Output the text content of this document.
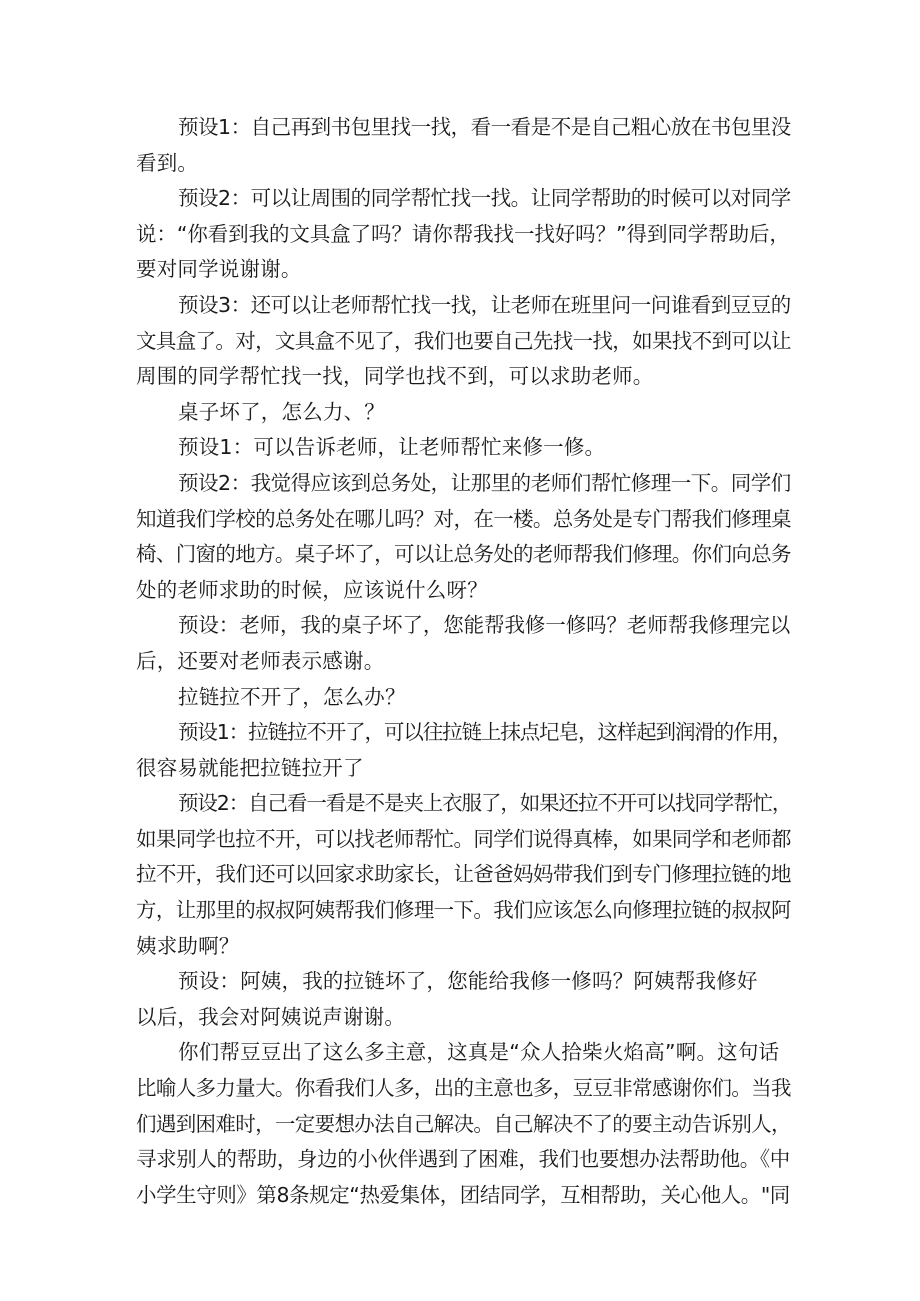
预设1：自己再到书包里找一找，看一看是不是自己粗心放在书包里没
看到。
预设2：可以让周围的同学帮忙找一找。让同学帮助的时候可以对同学
说：“你看到我的文具盒了吗？请你帮我找一找好吗？”得到同学帮助后，
要对同学说谢谢。
预设3：还可以让老师帮忙找一找，让老师在班里问一问谁看到豆豆的
文具盒了。对，文具盒不见了，我们也要自己先找一找，如果找不到可以让
周围的同学帮忙找一找，同学也找不到，可以求助老师。
桌子坏了，怎么力、？
预设1：可以告诉老师，让老师帮忙来修一修。
预设2：我觉得应该到总务处，让那里的老师们帮忙修理一下。同学们
知道我们学校的总务处在哪儿吗？对，在一楼。总务处是专门帮我们修理桌
椅、门窗的地方。桌子坏了，可以让总务处的老师帮我们修理。你们向总务
处的老师求助的时候，应该说什么呀？
预设：老师，我的桌子坏了，您能帮我修一修吗？老师帮我修理完以
后，还要对老师表示感谢。
拉链拉不开了，怎么办？
预设1：拉链拉不开了，可以往拉链上抹点圮皂，这样起到润滑的作用，
很容易就能把拉链拉开了
预设2：自己看一看是不是夹上衣服了，如果还拉不开可以找同学帮忙，
如果同学也拉不开，可以找老师帮忙。同学们说得真棒，如果同学和老师都
拉不开，我们还可以回家求助家长，让爸爸妈妈带我们到专门修理拉链的地
方，让那里的叔叔阿姨帮我们修理一下。我们应该怎么向修理拉链的叔叔阿
姨求助啊？
预设：阿姨，我的拉链坏了，您能给我修一修吗？阿姨帮我修好
以后，我会对阿姨说声谢谢。
你们帮豆豆出了这么多主意，这真是“众人拾柴火焰高”啊。这句话
比喻人多力量大。你看我们人多，出的主意也多，豆豆非常感谢你们。当我
们遇到困难时，一定要想办法自己解决。自己解决不了的要主动告诉别人，
寻求别人的帮助，身边的小伙伴遇到了困难，我们也要想办法帮助他。《中
小学生守则》第8条规定“热爱集体，团结同学，互相帮助，关心他人。"同
